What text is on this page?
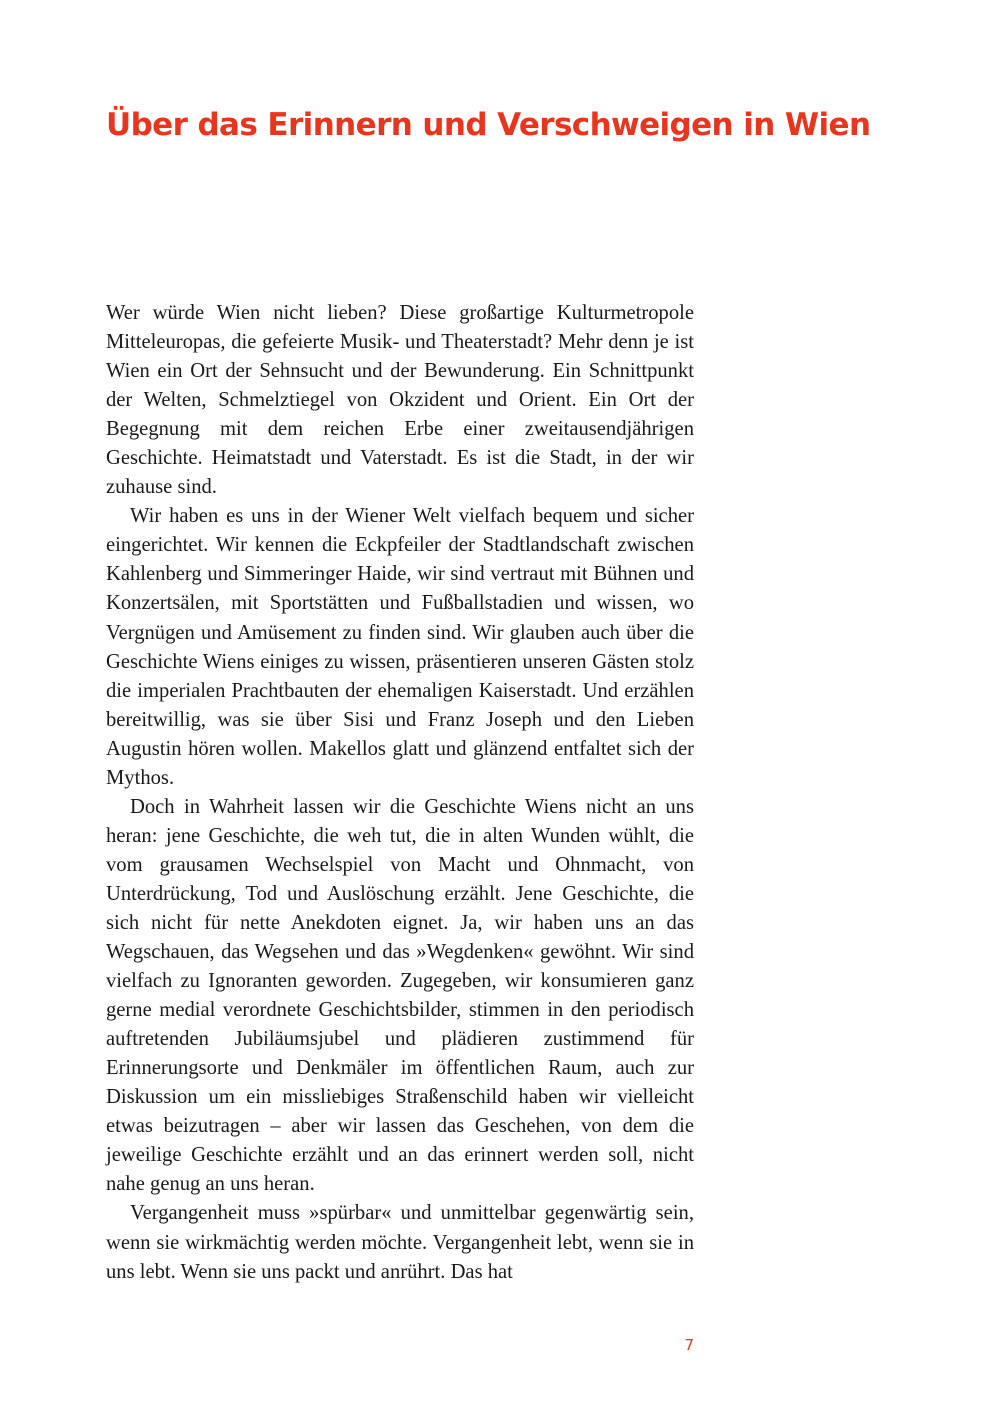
Über das Erinnern und Verschweigen in Wien

Wer würde Wien nicht lieben? Diese großartige Kulturmetropole Mitteleuropas, die gefeierte Musik- und Theaterstadt? Mehr denn je ist Wien ein Ort der Sehnsucht und der Bewunderung. Ein Schnittpunkt der Welten, Schmelztiegel von Okzident und Orient. Ein Ort der Begegnung mit dem reichen Erbe einer zweitausendjährigen Geschichte. Heimatstadt und Vaterstadt. Es ist die Stadt, in der wir zuhause sind.

Wir haben es uns in der Wiener Welt vielfach bequem und sicher eingerichtet. Wir kennen die Eckpfeiler der Stadtlandschaft zwischen Kahlenberg und Simmeringer Haide, wir sind vertraut mit Bühnen und Konzertsälen, mit Sportstätten und Fußballstadien und wissen, wo Vergnügen und Amüsement zu finden sind. Wir glauben auch über die Geschichte Wiens einiges zu wissen, präsentieren unseren Gästen stolz die imperialen Prachtbauten der ehemaligen Kaiserstadt. Und erzählen bereitwillig, was sie über Sisi und Franz Joseph und den Lieben Augustin hören wollen. Makellos glatt und glänzend entfaltet sich der Mythos.

Doch in Wahrheit lassen wir die Geschichte Wiens nicht an uns heran: jene Geschichte, die weh tut, die in alten Wunden wühlt, die vom grausamen Wechselspiel von Macht und Ohnmacht, von Unterdrückung, Tod und Auslöschung erzählt. Jene Geschichte, die sich nicht für nette Anekdoten eignet. Ja, wir haben uns an das Wegschauen, das Wegsehen und das »Wegdenken« gewöhnt. Wir sind vielfach zu Ignoranten geworden. Zugegeben, wir konsumieren ganz gerne medial verordnete Geschichtsbilder, stimmen in den periodisch auftretenden Jubiläumsjubel und plädieren zustimmend für Erinnerungsorte und Denkmäler im öffentlichen Raum, auch zur Diskussion um ein missliebiges Straßenschild haben wir vielleicht etwas beizutragen – aber wir lassen das Geschehen, von dem die jeweilige Geschichte erzählt und an das erinnert werden soll, nicht nahe genug an uns heran.

Vergangenheit muss »spürbar« und unmittelbar gegenwärtig sein, wenn sie wirkmächtig werden möchte. Vergangenheit lebt, wenn sie in uns lebt. Wenn sie uns packt und anrührt. Das hat

7
